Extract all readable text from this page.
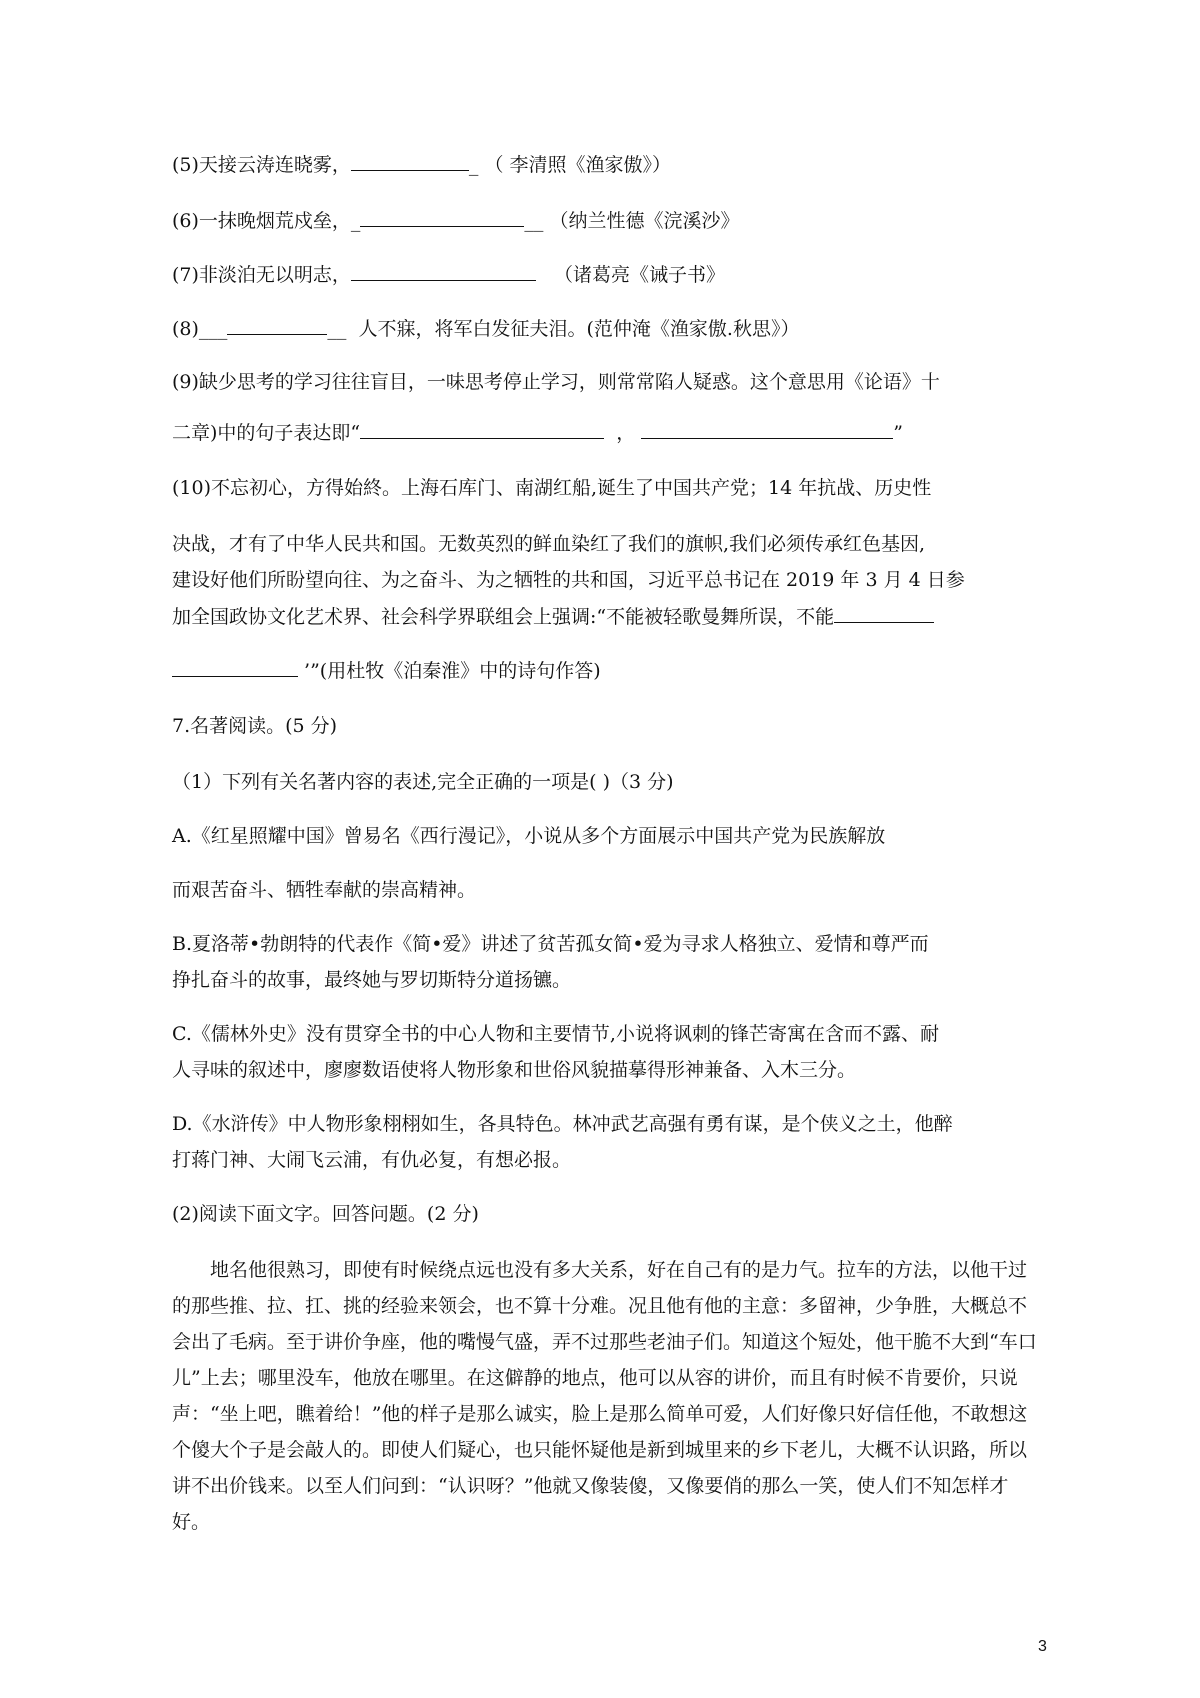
(5)天接云涛连晓雾，	_ （ 李清照《渔家傲》）
(6)一抹晚烟荒戍垒，_	__ （纳兰性德《浣溪沙》
(7)非淡泊无以明志，	（诸葛亮《诫子书》
(8)___	__ 人不寐，将军白发征夫泪。(范仲淹《渔家傲.秋思》）
(9)缺少思考的学习往往盲目，一味思考停止学习，则常常陷人疑惑。这个意思用《论语》十
二章)中的句子表达即“	，	”
(10)不忘初心，方得始終。上海石库门、南湖红船,诞生了中国共产党；14 年抗战、历史性
决战，才有了中华人民共和国。无数英烈的鲜血染红了我们的旗帜,我们必须传承红色基因,
建设好他们所盼望向往、为之奋斗、为之牺牲的共和国，习近平总书记在 2019 年 3 月 4 日参
加全国政协文化艺术界、社会科学界联组会上强调:“不能被轻歌曼舞所误，不能
’”(用杜牧《泊秦淮》中的诗句作答)
7.名著阅读。(5 分)
（1）下列有关名著内容的表述,完全正确的一项是( )（3 分)
A.《红星照耀中国》曾易名《西行漫记》，小说从多个方面展示中国共产党为民族解放
而艰苦奋斗、牺牲奉献的崇高精神。
B.夏洛蒂•勃朗特的代表作《简•爱》讲述了贫苦孤女简•爱为寻求人格独立、爱情和尊严而
挣扎奋斗的故事，最终她与罗切斯特分道扬镳。
C.《儒林外史》没有贯穿全书的中心人物和主要情节,小说将讽刺的锋芒寄寓在含而不露、耐
人寻味的叙述中，廖廖数语使将人物形象和世俗风貌描摹得形神兼备、入木三分。
D.《水浒传》中人物形象栩栩如生，各具特色。林冲武艺高强有勇有谋，是个侠义之土，他醉
打蒋门神、大闹飞云浦，有仇必复，有想必报。
(2)阅读下面文字。回答问题。(2 分)
地名他很熟习，即使有时候绕点远也没有多大关系，好在自己有的是力气。拉车的方法，以他干过的那些推、拉、扛、挑的经验来领会，也不算十分难。况且他有他的主意：多留神，少争胜，大概总不会出了毛病。至于讲价争座，他的嘴慢气盛，弄不过那些老油子们。知道这个短处，他干脆不大到“车口儿”上去；哪里没车，他放在哪里。在这僻静的地点，他可以从容的讲价，而且有时候不肯要价，只说声：“坐上吧，瞧着给！”他的样子是那么诚实，脸上是那么简单可爱，人们好像只好信任他，不敢想这个傻大个子是会敲人的。即使人们疑心，也只能怀疑他是新到城里来的乡下老儿，大概不认识路，所以讲不出价钱来。以至人们问到：“认识呀？”他就又像装傻，又像要俏的那么一笑，使人们不知怎样才好。
3
